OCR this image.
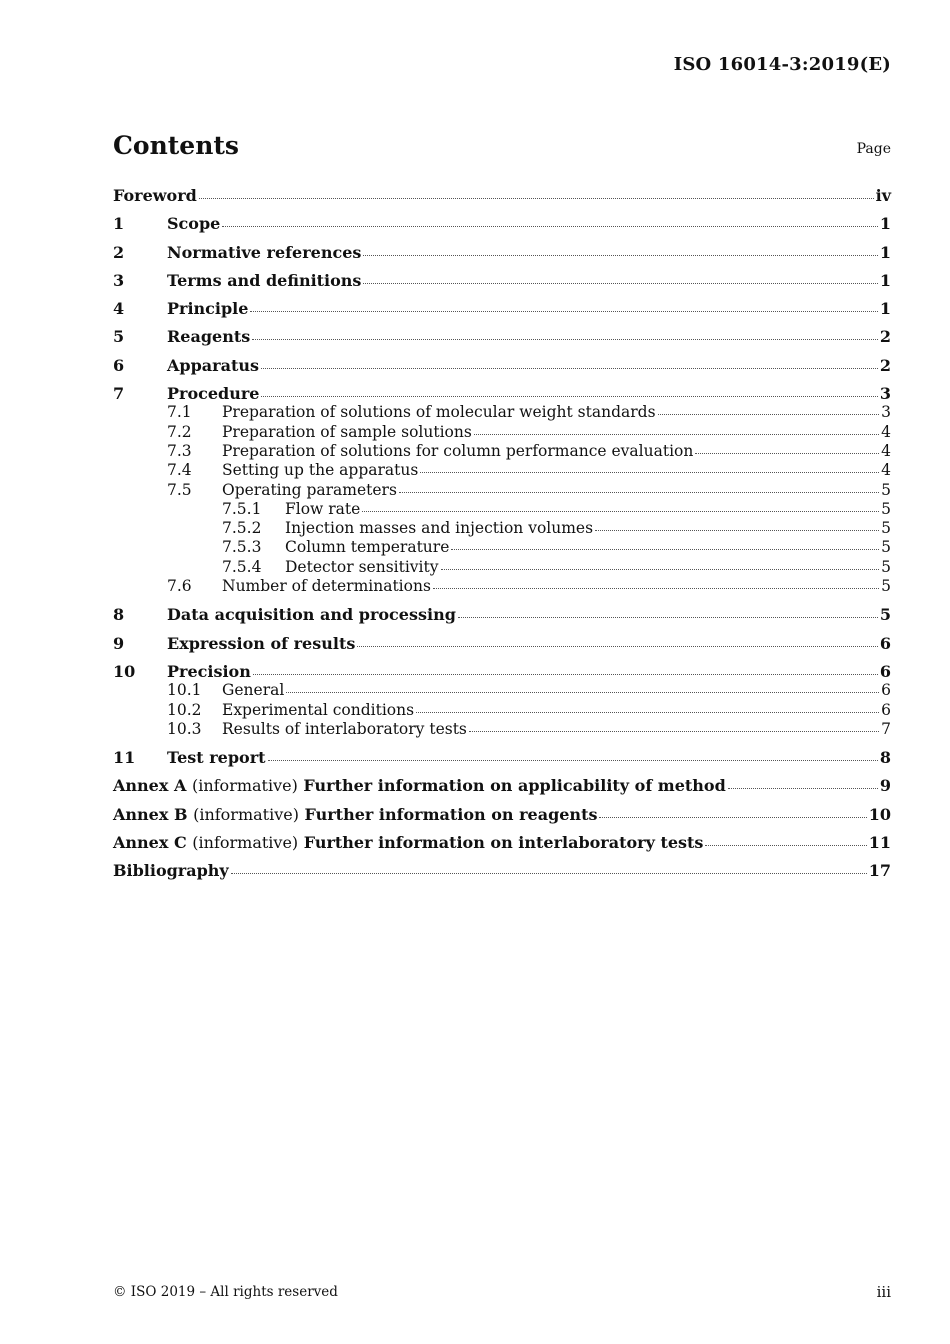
ISO 16014-3:2019(E)
Contents	Page
Foreword	iv
1	Scope	1
2	Normative references	1
3	Terms and definitions	1
4	Principle	1
5	Reagents	2
6	Apparatus	2
7	Procedure	3
7.1	Preparation of solutions of molecular weight standards	3
7.2	Preparation of sample solutions	4
7.3	Preparation of solutions for column performance evaluation	4
7.4	Setting up the apparatus	4
7.5	Operating parameters	5
7.5.1	Flow rate	5
7.5.2	Injection masses and injection volumes	5
7.5.3	Column temperature	5
7.5.4	Detector sensitivity	5
7.6	Number of determinations	5
8	Data acquisition and processing	5
9	Expression of results	6
10	Precision	6
10.1	General	6
10.2	Experimental conditions	6
10.3	Results of interlaboratory tests	7
11	Test report	8
Annex A (informative) Further information on applicability of method	9
Annex B (informative) Further information on reagents	10
Annex C (informative) Further information on interlaboratory tests	11
Bibliography	17
© ISO 2019 – All rights reserved	iii
